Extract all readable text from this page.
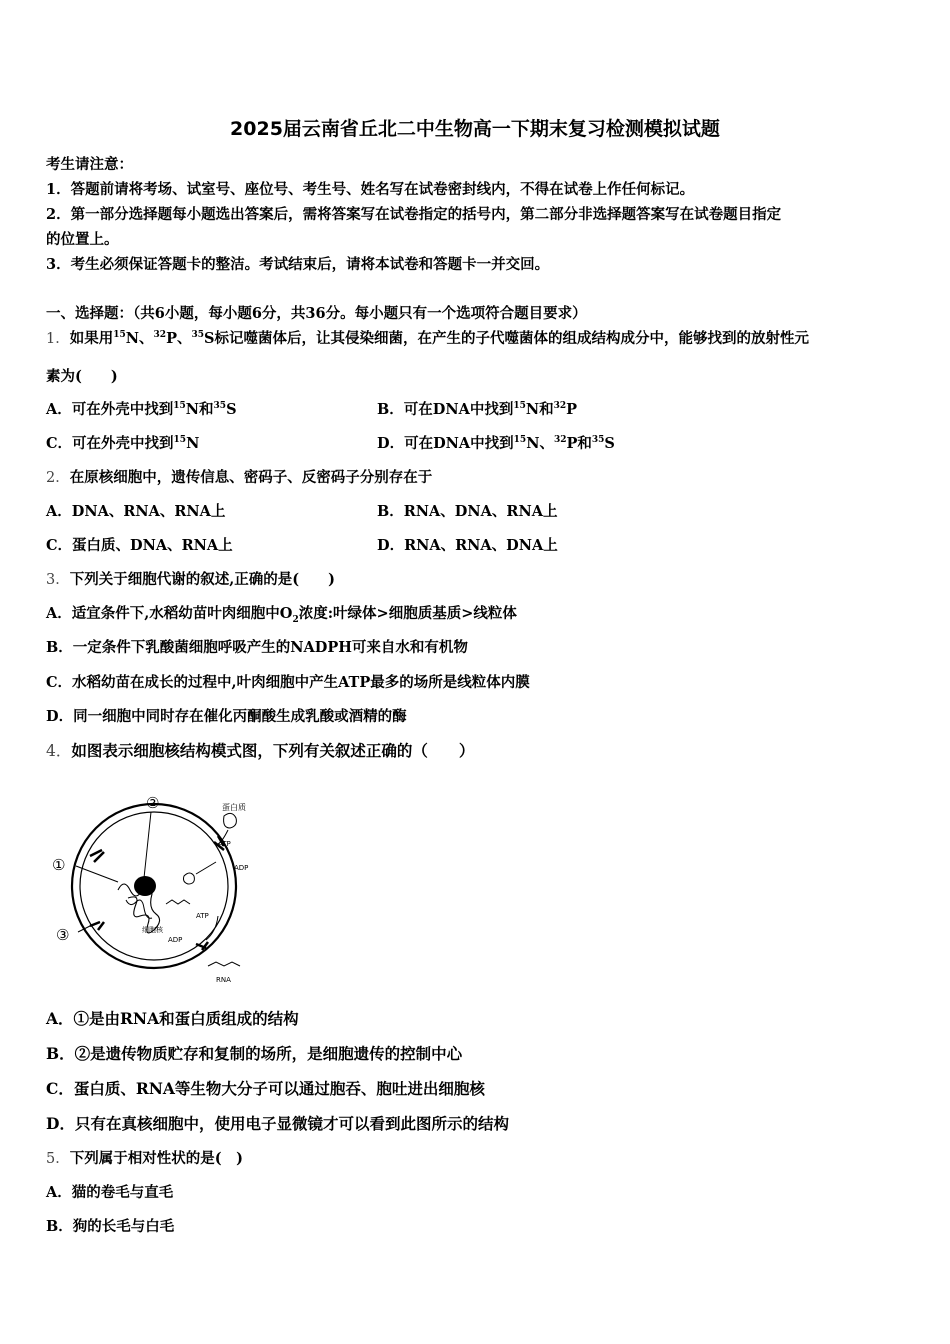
2025届云南省丘北二中生物高一下期末复习检测模拟试题
考生请注意：
1．答题前请将考场、试室号、座位号、考生号、姓名写在试卷密封线内，不得在试卷上作任何标记。
2．第一部分选择题每小题选出答案后，需将答案写在试卷指定的括号内，第二部分非选择题答案写在试卷题目指定
的位置上。
3．考生必须保证答题卡的整洁。考试结束后，请将本试卷和答题卡一并交回。
一、选择题：（共6小题，每小题6分，共36分。每小题只有一个选项符合题目要求）
1．如果用$^{15}$N、$^{32}$P、$^{35}$S标记噬菌体后，让其侵染细菌，在产生的子代噬菌体的组成结构成分中，能够找到的放射性元
素为(　　)
A．可在外壳中找到$^{15}$N和$^{35}$S	B．可在DNA中找到$^{15}$N和$^{32}$P
C．可在外壳中找到$^{15}$N	D．可在DNA中找到$^{15}$N、$^{32}$P和$^{35}$S
2．在原核细胞中，遗传信息、密码子、反密码子分别存在于
A．DNA、RNA、RNA上	B．RNA、DNA、RNA上
C．蛋白质、DNA、RNA上	D．RNA、RNA、DNA上
3．下列关于细胞代谢的叙述,正确的是(　　)
A．适宜条件下,水稻幼苗叶肉细胞中$O_2$浓度:叶绿体>细胞质基质>线粒体
B．一定条件下乳酸菌细胞呼吸产生的NADPH可来自水和有机物
C．水稻幼苗在成长的过程中,叶肉细胞中产生ATP最多的场所是线粒体内膜
D．同一细胞中同时存在催化丙酮酸生成乳酸或酒精的酶
4．如图表示细胞核结构模式图，下列有关叙述正确的（　　）
②
①
③
蛋白质
ATP
ADP
ATP
ADP
细胞核
RNA
A．①是由RNA和蛋白质组成的结构
B．②是遗传物质贮存和复制的场所，是细胞遗传的控制中心
C．蛋白质、RNA等生物大分子可以通过胞吞、胞吐进出细胞核
D．只有在真核细胞中，使用电子显微镜才可以看到此图所示的结构
5．下列属于相对性状的是(　)
A．猫的卷毛与直毛
B．狗的长毛与白毛
